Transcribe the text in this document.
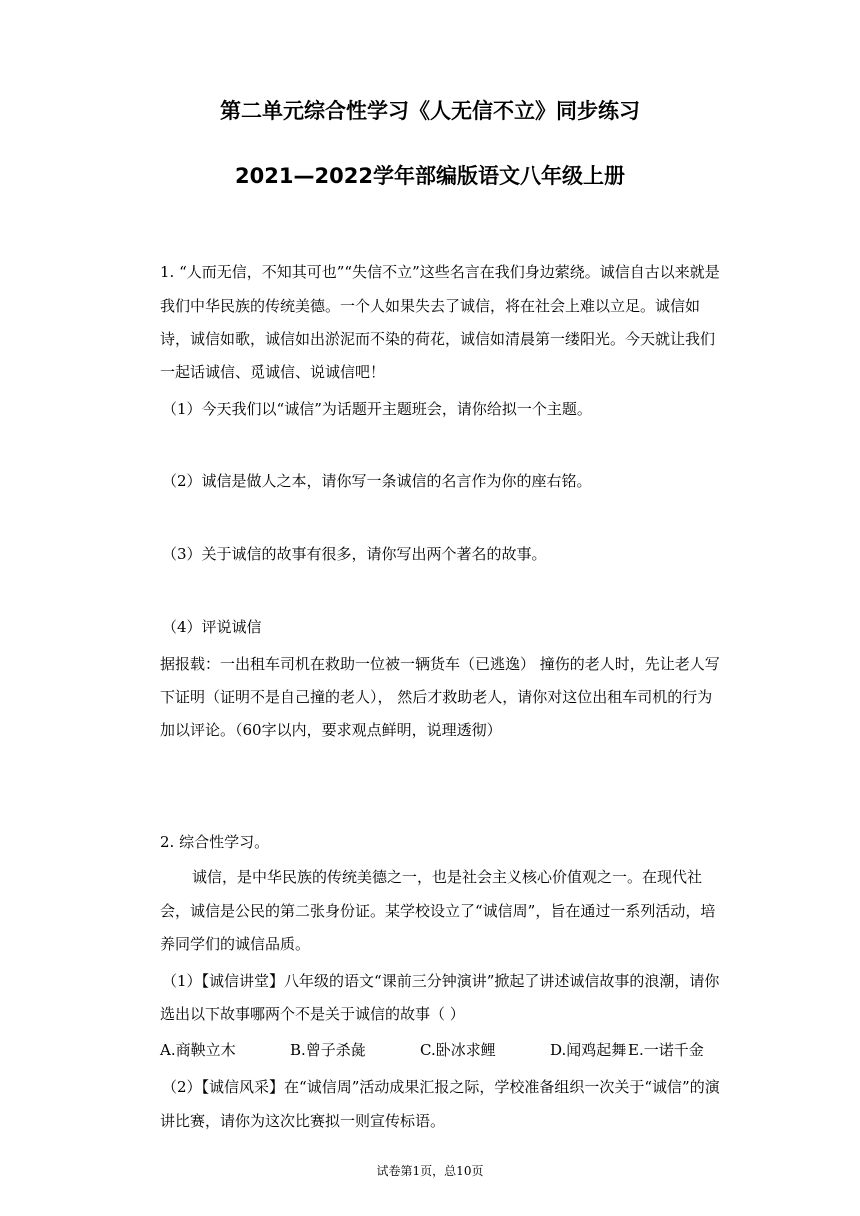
第二单元综合性学习《人无信不立》同步练习
2021—2022学年部编版语文八年级上册
1. “人而无信，不知其可也”“失信不立”这些名言在我们身边萦绕。诚信自古以来就是
我们中华民族的传统美德。一个人如果失去了诚信，将在社会上难以立足。诚信如
诗，诚信如歌，诚信如出淤泥而不染的荷花，诚信如清晨第一缕阳光。今天就让我们
一起话诚信、觅诚信、说诚信吧！
（1）今天我们以“诚信”为话题开主题班会，请你给拟一个主题。
（2）诚信是做人之本，请你写一条诚信的名言作为你的座右铭。
（3）关于诚信的故事有很多，请你写出两个著名的故事。
（4）评说诚信
据报载：一出租车司机在救助一位被一辆货车（已逃逸） 撞伤的老人时，先让老人写
下证明（证明不是自己撞的老人）， 然后才救助老人，请你对这位出租车司机的行为
加以评论。（60字以内，要求观点鲜明，说理透彻）
2. 综合性学习。
诚信，是中华民族的传统美德之一，也是社会主义核心价值观之一。在现代社
会，诚信是公民的第二张身份证。某学校设立了“诚信周”，旨在通过一系列活动，培
养同学们的诚信品质。
（1）【诚信讲堂】八年级的语文“课前三分钟演讲”掀起了讲述诚信故事的浪潮，请你
选出以下故事哪两个不是关于诚信的故事（ ）
A.商鞅立木	B.曾子杀彘	C.卧冰求鲤	D.闻鸡起舞 E.一诺千金
（2）【诚信风采】在“诚信周”活动成果汇报之际，学校准备组织一次关于“诚信”的演
讲比赛，请你为这次比赛拟一则宣传标语。
试卷第1页，总10页
